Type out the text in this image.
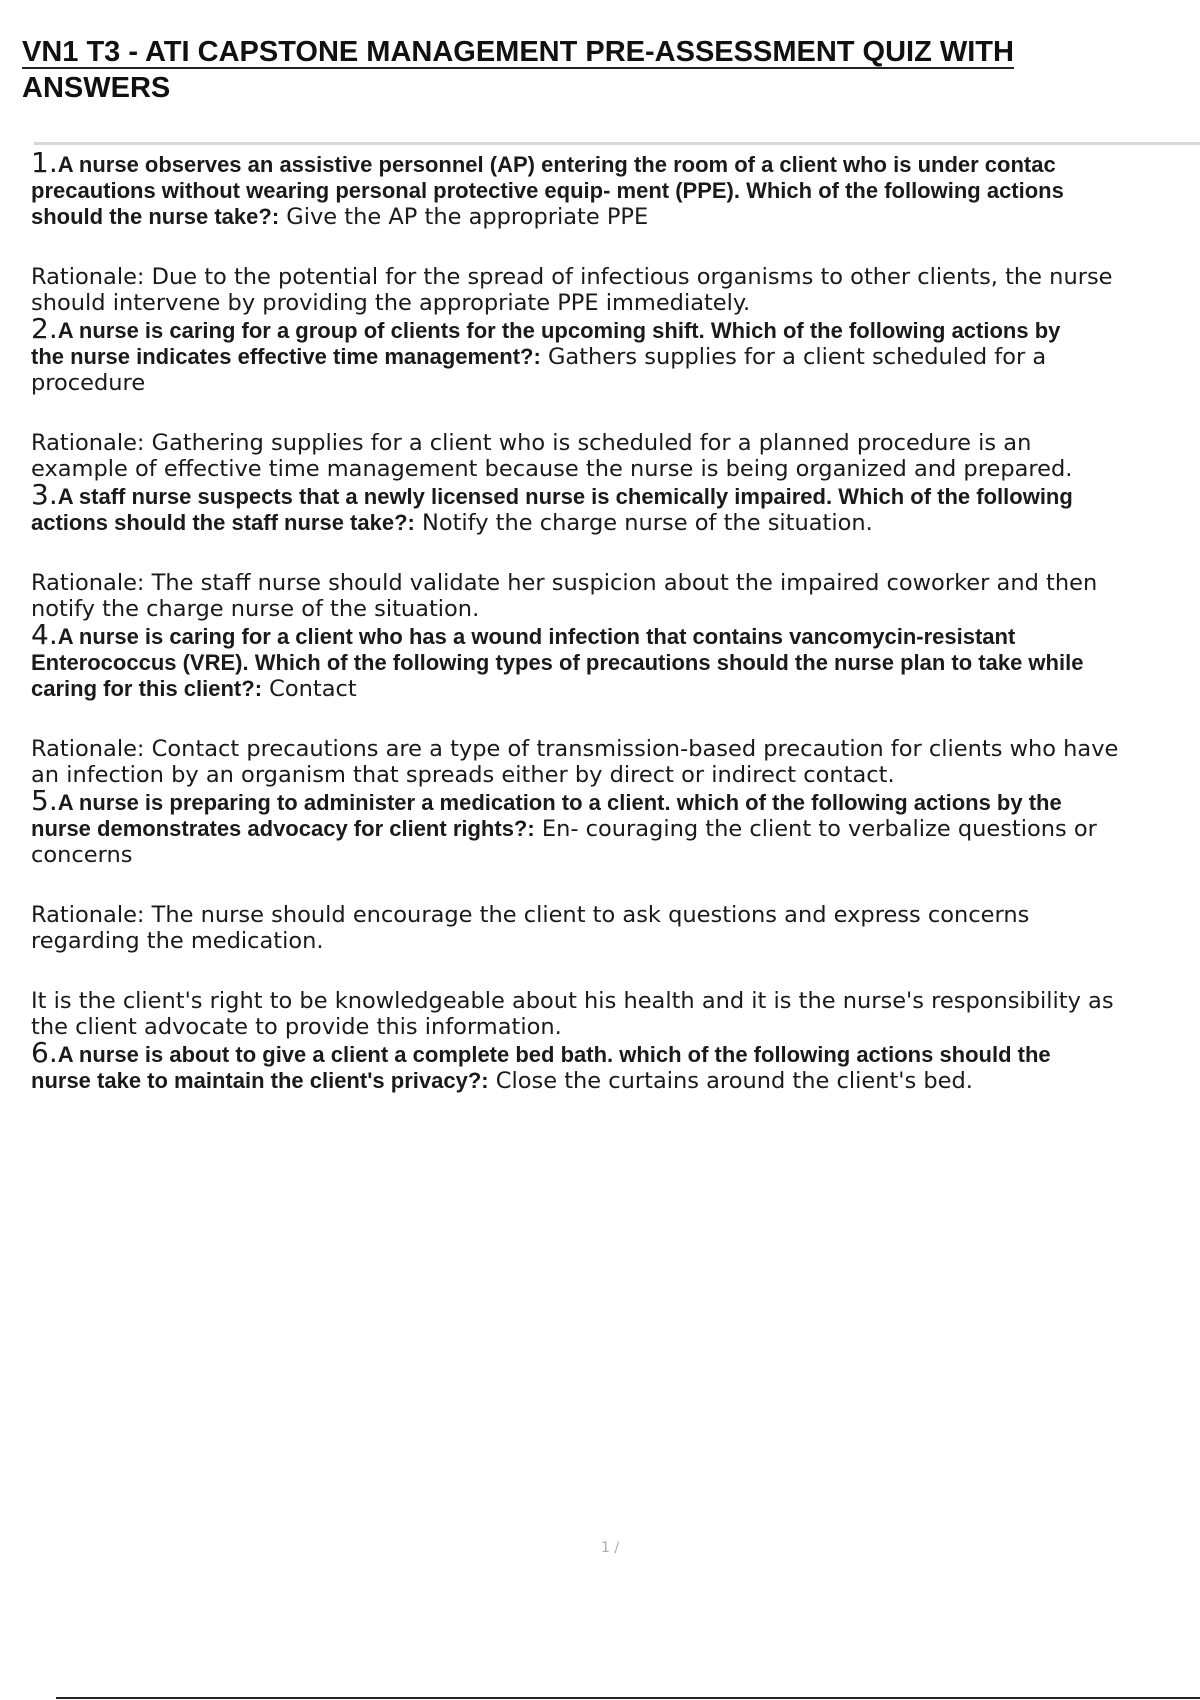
VN1 T3 - ATI CAPSTONE MANAGEMENT PRE-ASSESSMENT QUIZ WITH
ANSWERS
1.A nurse observes an assistive personnel (AP) entering the room of a client who is under contac
precautions without wearing personal protective equip- ment (PPE). Which of the following actions
should the nurse take?: Give the AP the appropriate PPE
Rationale: Due to the potential for the spread of infectious organisms to other clients, the nurse
should intervene by providing the appropriate PPE immediately.
2.A nurse is caring for a group of clients for the upcoming shift. Which of the following actions by
the nurse indicates effective time management?: Gathers supplies for a client scheduled for a
procedure
Rationale: Gathering supplies for a client who is scheduled for a planned procedure is an
example of effective time management because the nurse is being organized and prepared.
3.A staff nurse suspects that a newly licensed nurse is chemically impaired. Which of the following
actions should the staff nurse take?: Notify the charge nurse of the situation.
Rationale: The staff nurse should validate her suspicion about the impaired coworker and then
notify the charge nurse of the situation.
4.A nurse is caring for a client who has a wound infection that contains vancomycin-resistant
Enterococcus (VRE). Which of the following types of precautions should the nurse plan to take while
caring for this client?: Contact
Rationale: Contact precautions are a type of transmission-based precaution for clients who have
an infection by an organism that spreads either by direct or indirect contact.
5.A nurse is preparing to administer a medication to a client. which of the following actions by the
nurse demonstrates advocacy for client rights?: En- couraging the client to verbalize questions or
concerns
Rationale: The nurse should encourage the client to ask questions and express concerns
regarding the medication.
It is the client's right to be knowledgeable about his health and it is the nurse's responsibility as
the client advocate to provide this information.
6.A nurse is about to give a client a complete bed bath. which of the following actions should the
nurse take to maintain the client's privacy?: Close the curtains around the client's bed.
1 /
